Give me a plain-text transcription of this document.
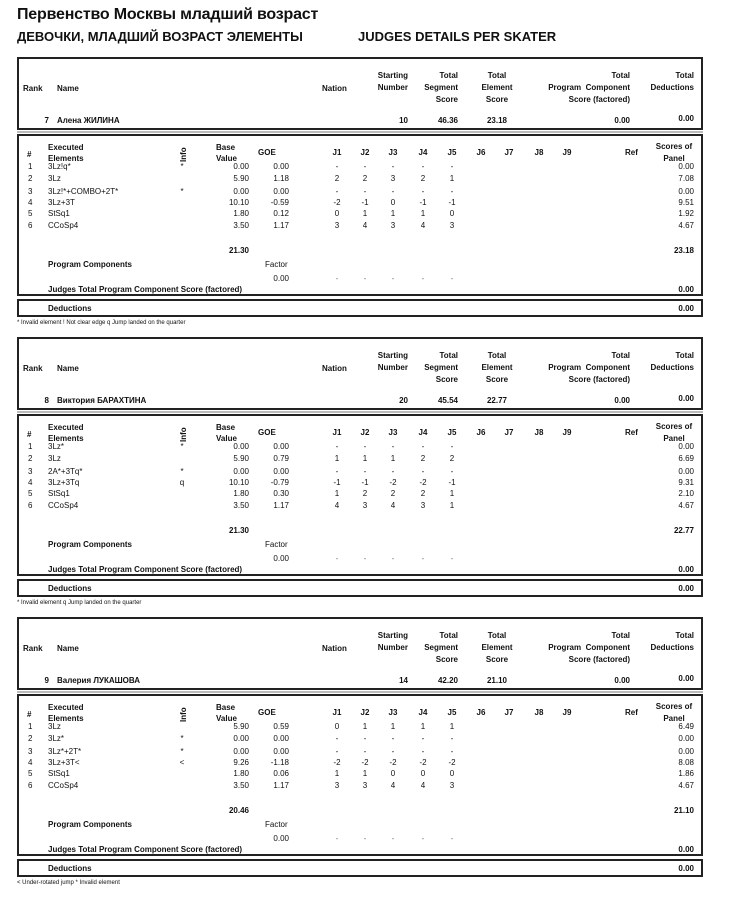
Первенство Москвы младший возраст
ДЕВОЧКИ, МЛАДШИЙ ВОЗРАСТ ЭЛЕМЕНТЫ	JUDGES DETAILS PER SKATER
Rank Name	Nation
Starting
Number
Total
Segment
Score
Total
Element
Score
Total
Program  Component
Score (factored)
Total
Deductions
7 Алена ЖИЛИНА	10	46.36	23.18	0.00	0.00
#
Executed
Elements	Info	Base
Value
GOE	J1	J2	J3	J4	J5	J6	J7	J8	J9	Ref
Scores of
Panel
1 3Lz!q*	*	0.00	0.00	-	-	-	-	-	0.00
2 3Lz	5.90	1.18	2	2	3	2	1	7.08
3 3Lz!*+COMBO+2T*	*	0.00	0.00	-	-	-	-	-	0.00
4 3Lz+3T	10.10	-0.59	-2	-1	0	-1	-1	9.51
5 StSq1	1.80	0.12	0	1	1	1	0	1.92
6 CCoSp4	3.50	1.17	3	4	3	4	3	4.67
21.30	23.18
Program Components	Factor
0.00	-	-	-	-	-
Judges Total Program Component Score (factored)	0.00
Deductions	0.00
* Invalid element ! Not clear edge q Jump landed on the quarter
Rank Name	Nation
Starting
Number
Total
Segment
Score
Total
Element
Score
Total
Program  Component
Score (factored)
Total
Deductions
8 Виктория БАРАХТИНА	20	45.54	22.77	0.00	0.00
#
Executed
Elements	Info	Base
Value
GOE	J1	J2	J3	J4	J5	J6	J7	J8	J9	Ref
Scores of
Panel
1 3Lz*	*	0.00	0.00	-	-	-	-	-	0.00
2 3Lz	5.90	0.79	1	1	1	2	2	6.69
3 2A*+3Tq*	*	0.00	0.00	-	-	-	-	-	0.00
4 3Lz+3Tq	q	10.10	-0.79	-1	-1	-2	-2	-1	9.31
5 StSq1	1.80	0.30	1	2	2	2	1	2.10
6 CCoSp4	3.50	1.17	4	3	4	3	1	4.67
21.30	22.77
Program Components	Factor
0.00	-	-	-	-	-
Judges Total Program Component Score (factored)	0.00
Deductions	0.00
* Invalid element q Jump landed on the quarter
Rank Name	Nation
Starting
Number
Total
Segment
Score
Total
Element
Score
Total
Program  Component
Score (factored)
Total
Deductions
9 Валерия ЛУКАШОВА	14	42.20	21.10	0.00	0.00
#
Executed
Elements	Info	Base
Value
GOE	J1	J2	J3	J4	J5	J6	J7	J8	J9	Ref
Scores of
Panel
1 3Lz	5.90	0.59	0	1	1	1	1	6.49
2 3Lz*	*	0.00	0.00	-	-	-	-	-	0.00
3 3Lz*+2T*	*	0.00	0.00	-	-	-	-	-	0.00
4 3Lz+3T<	<	9.26	-1.18	-2	-2	-2	-2	-2	8.08
5 StSq1	1.80	0.06	1	1	0	0	0	1.86
6 CCoSp4	3.50	1.17	3	3	4	4	3	4.67
20.46	21.10
Program Components	Factor
0.00	-	-	-	-	-
Judges Total Program Component Score (factored)	0.00
Deductions	0.00
< Under-rotated jump * Invalid element
